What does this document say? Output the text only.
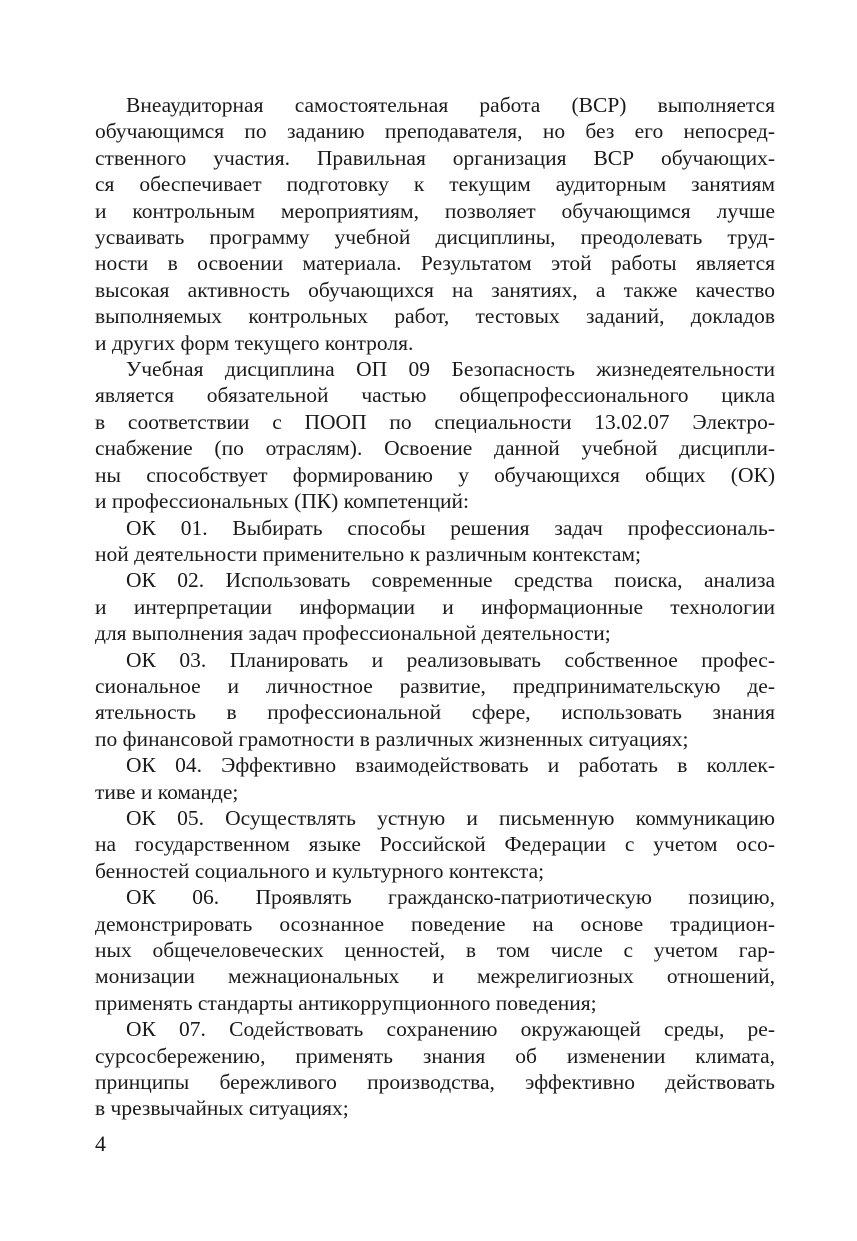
Внеаудиторная самостоятельная работа (ВСР) выполняется
обучающимся по заданию преподавателя, но без его непосред-
ственного участия. Правильная организация ВСР обучающих-
ся обеспечивает подготовку к текущим аудиторным занятиям
и контрольным мероприятиям, позволяет обучающимся лучше
усваивать программу учебной дисциплины, преодолевать труд-
ности в освоении материала. Результатом этой работы является
высокая активность обучающихся на занятиях, а также качество
выполняемых контрольных работ, тестовых заданий, докладов
и других форм текущего контроля.
Учебная дисциплина ОП 09 Безопасность жизнедеятельности
является обязательной частью общепрофессионального цикла
в соответствии с ПООП по специальности 13.02.07 Электро-
снабжение (по отраслям). Освоение данной учебной дисципли-
ны способствует формированию у обучающихся общих (ОК)
и профессиональных (ПК) компетенций:
ОК 01. Выбирать способы решения задач профессиональ-
ной деятельности применительно к различным контекстам;
ОК 02. Использовать современные средства поиска, анализа
и интерпретации информации и информационные технологии
для выполнения задач профессиональной деятельности;
ОК 03. Планировать и реализовывать собственное профес-
сиональное и личностное развитие, предпринимательскую де-
ятельность в профессиональной сфере, использовать знания
по финансовой грамотности в различных жизненных ситуациях;
ОК 04. Эффективно взаимодействовать и работать в коллек-
тиве и команде;
ОК 05. Осуществлять устную и письменную коммуникацию
на государственном языке Российской Федерации с учетом осо-
бенностей социального и культурного контекста;
ОК 06. Проявлять гражданско-патриотическую позицию,
демонстрировать осознанное поведение на основе традицион-
ных общечеловеческих ценностей, в том числе с учетом гар-
монизации межнациональных и межрелигиозных отношений,
применять стандарты антикоррупционного поведения;
ОК 07. Содействовать сохранению окружающей среды, ре-
сурсосбережению, применять знания об изменении климата,
принципы бережливого производства, эффективно действовать
в чрезвычайных ситуациях;
4
